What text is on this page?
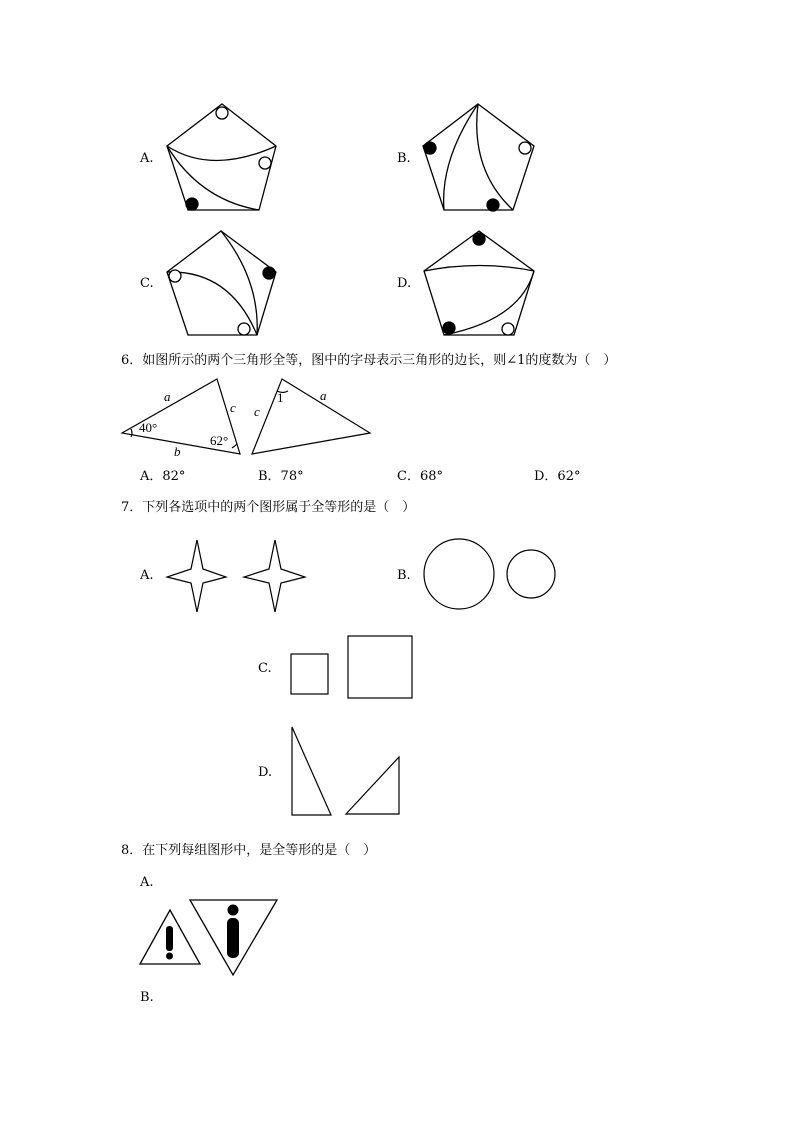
A.	B.
C.	D.
6．如图所示的两个三角形全等，图中的字母表示三角形的边长，则∠1的度数为（　）
a
c
40°
62°
b
c
1	a
A．82°	B．78°	C．68°	D．62°
7．下列各选项中的两个图形属于全等形的是（　）
A.	B.
C.
D.
8．在下列每组图形中，是全等形的是（　）
A.
B.
